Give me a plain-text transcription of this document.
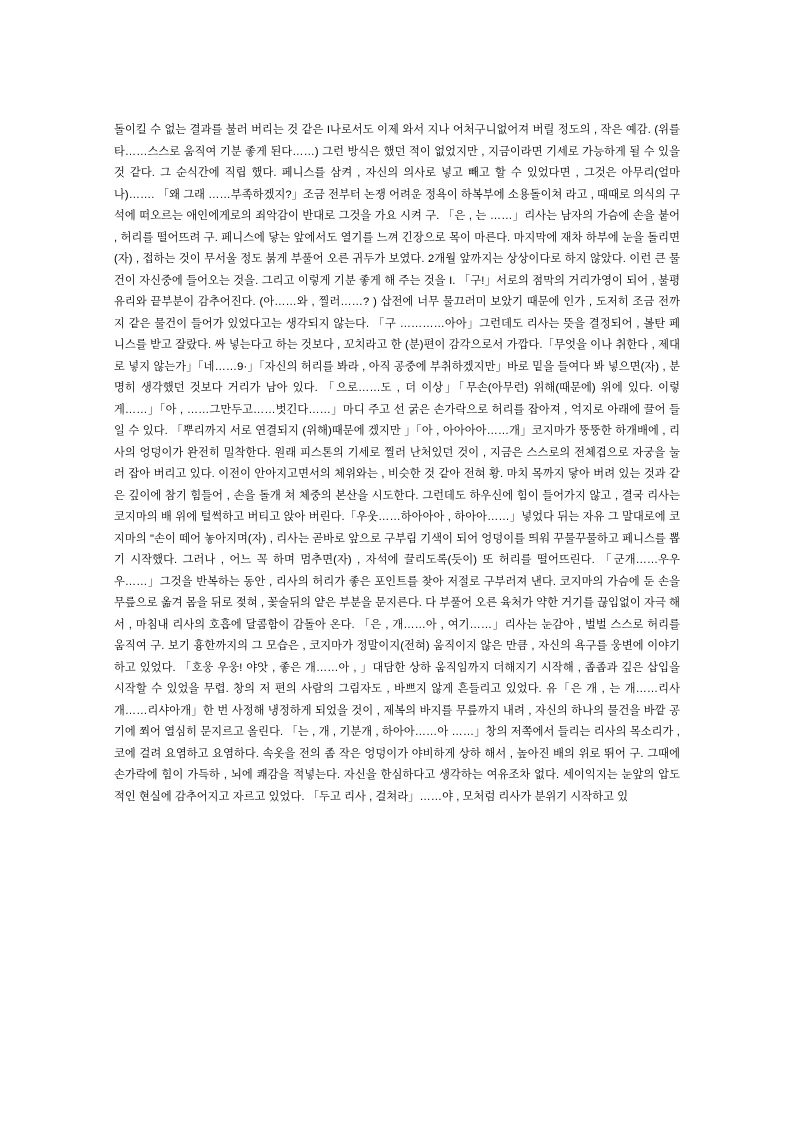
돌이킬 수 없는 결과를 불러 버리는 것 같은 I나로서도 이제 와서 지나 어처구니없어져 버릴 정도의 , 작은 예감. (위를 타……스스로 움직여 기분 좋게 된다……) 그런 방식은 했던 적이 없었지만 , 지금이라면 기세로 가능하게 될 수 있을 것 같다. 그 순식간에 직립 했다. 페니스를 삼켜 , 자신의 의사로 넣고 빼고 할 수 있었다면 , 그것은 아무리(얼마나)……. 「왜 그래 ……부족하겠지?」조금 전부터 논쟁 어려운 정욕이 하복부에 소용돌이쳐 라고 , 때때로 의식의 구석에 떠오르는 애인에게로의 죄악감이 반대로 그것을 가요 시켜 구. 「은 , 는 ……」리사는 남자의 가슴에 손을 붙어 , 허리를 떨어뜨려 구. 페니스에 닿는 앞에서도 열기를 느껴 긴장으로 목이 마른다. 마지막에 재차 하부에 눈을 돌리면(자) , 접하는 것이 무서울 정도 붉게 부풀어 오른 귀두가 보였다. 2개월 앞까지는 상상이다로 하지 않았다. 이런 큰 물건이 자신중에 들어오는 것을. 그리고 이렇게 기분 좋게 해 주는 것을 I. 「구!」서로의 점막의 거리가영이 되어 , 불평 유리와 끝부분이 감추어진다. (아……와 , 찔러……? ) 삽전에 너무 물끄러미 보았기 때문에 인가 , 도저히 조금 전까지 같은 물건이 들어가 있었다고는 생각되지 않는다. 「구 …………아아」그런데도 리사는 뜻을 결정되어 , 볼탄 페니스를 받고 잘랐다. 싸 넣는다고 하는 것보다 , 꼬치라고 한 (분)편이 감각으로서 가깝다.「무엇을 이나 취한다 , 제대로 넣지 않는가」「네……9·」「자신의 허리를 봐라 , 아직 공중에 부취하겠지만」바로 밑을 들여다 봐 넣으면(자) , 분명히 생각했던 것보다 거리가 남아 있다. 「으로……도 , 더 이상」「무손(아무런) 위해(때문에) 위에 있다. 이렇게……」「아 , ……그만두고……벗긴다……」마디 주고 선 굵은 손가락으로 허리를 잡아져 , 억지로 아래에 끌어 들일 수 있다. 「뿌리까지 서로 연결되지 (위해)때문에 겠지만 」「아 , 아아아아……개」코지마가 뚱뚱한 하개배에 , 리사의 엉덩이가 완전히 밀착한다. 원래 피스톤의 기세로 찔러 난처있던 것이 , 지금은 스스로의 전체겹으로 자궁을 눌러 잡아 버리고 있다. 이전이 안아지고면서의 체위와는 , 비슷한 것 같아 전혀 황. 마치 목까지 닿아 버려 있는 것과 같은 깊이에 참기 힘들어 , 손을 돌개 쳐 체중의 본산을 시도한다. 그런데도 하우신에 힘이 들어가지 않고 , 결국 리사는 코지마의 배 위에 털썩하고 버티고 앉아 버린다.「우웃……하아아아 , 하아아……」넣었다 뒤는 자유 그 말대로에 코지마의 "손이 떼어 놓아지며(자) , 리사는 곧바로 앞으로 구부림 기색이 되어 엉덩이를 띄워 꾸물꾸물하고 페니스를 뽑기 시작했다. 그러나 , 어느 꼭 하며 멈추면(자) , 자석에 끌리도록(듯이) 또 허리를 떨어뜨린다. 「군개……우우우……」그것을 반복하는 동안 , 리사의 허리가 좋은 포인트를 찾아 저절로 구부러져 낸다. 코지마의 가슴에 둔 손을 무릎으로 옮겨 몸을 뒤로 젖혀 , 꽃술뒤의 얕은 부분을 문지른다. 다 부풀어 오른 육처가 약한 거기를 끊입없이 자극 해서 , 마침내 리사의 호흡에 달콤함이 감돌아 온다. 「은 , 개……아 , 여기……」리사는 눈감아 , 벌벌 스스로 허리를 움직여 구. 보기 흉한까지의 그 모습은 , 코지마가 정말이지(전혀) 움직이지 않은 만큼 , 자신의 욕구를 웅변에 이야기하고 있었다. 「호웅 우웅! 야앗 , 좋은 개……아 , 」대담한 상하 움직임까지 더해지기 시작해 , 좁좁과 깊은 삽입을 시작할 수 있었을 무렵. 창의 저 편의 사람의 그림자도 , 바쁘지 않게 흔들리고 있었다. 유「은 개 , 는 개……리사개……리샤아개」한 번 사정해 냉정하게 되었을 것이 , 제복의 바지를 무릎까지 내려 , 자신의 하나의 물건을 바깥 공기에 쬐어 열심히 문지르고 올린다. 「는 , 개 , 기분개 , 하아아……아 ……」창의 저쪽에서 들리는 리사의 목소리가 , 코에 걸려 요염하고 요염하다. 속옷을 전의 좀 작은 엉덩이가 야비하게 상하 해서 , 높아진 배의 위로 뛰어 구. 그때에 손가락에 힘이 가득하 , 뇌에 쾌감을 적넣는다. 자신을 한심하다고 생각하는 여유조차 없다. 세이익지는 눈앞의 압도적인 현실에 감추어지고 자르고 있었다. 「두고 리사 , 걸쳐라」……야 , 모처럼 리사가 분위기 시작하고 있
